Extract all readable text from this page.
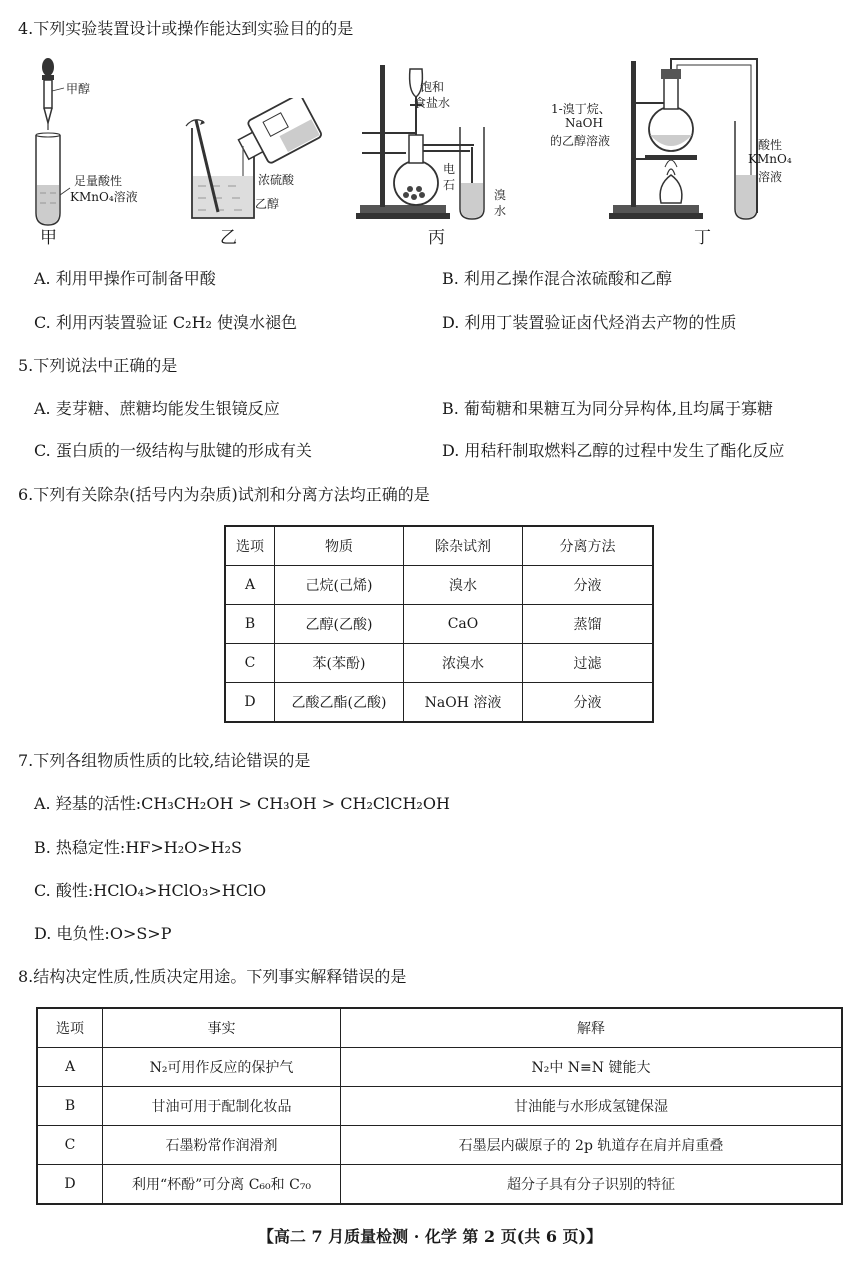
4.下列实验装置设计或操作能达到实验目的的是
甲醇
足量酸性
KMnO₄溶液
甲
浓硫酸
乙醇
乙
饱和
食盐水
电
石
溴
水
丙
1-溴丁烷、
NaOH
的乙醇溶液	酸性
KMnO₄
溶液
丁
A. 利用甲操作可制备甲酸	B. 利用乙操作混合浓硫酸和乙醇
C. 利用丙装置验证 C₂H₂ 使溴水褪色	D. 利用丁装置验证卤代烃消去产物的性质
5.下列说法中正确的是
A. 麦芽糖、蔗糖均能发生银镜反应	B. 葡萄糖和果糖互为同分异构体,且均属于寡糖
C. 蛋白质的一级结构与肽键的形成有关	D. 用秸秆制取燃料乙醇的过程中发生了酯化反应
6.下列有关除杂(括号内为杂质)试剂和分离方法均正确的是
选项	物质	除杂试剂	分离方法
A	己烷(己烯)	溴水	分液
B	乙醇(乙酸)	CaO	蒸馏
C	苯(苯酚)	浓溴水	过滤
D	乙酸乙酯(乙酸)	NaOH 溶液	分液
7.下列各组物质性质的比较,结论错误的是
A. 羟基的活性:CH₃CH₂OH > CH₃OH > CH₂ClCH₂OH
B. 热稳定性:HF>H₂O>H₂S
C. 酸性:HClO₄>HClO₃>HClO
D. 电负性:O>S>P
8.结构决定性质,性质决定用途。下列事实解释错误的是
选项	事实	解释
A	N₂可用作反应的保护气	N₂中 N≡N 键能大
B	甘油可用于配制化妆品	甘油能与水形成氢键保湿
C	石墨粉常作润滑剂	石墨层内碳原子的 2p 轨道存在肩并肩重叠
D	利用“杯酚”可分离 C₆₀和 C₇₀	超分子具有分子识别的特征
【高二 7 月质量检测 · 化学 第 2 页(共 6 页)】
